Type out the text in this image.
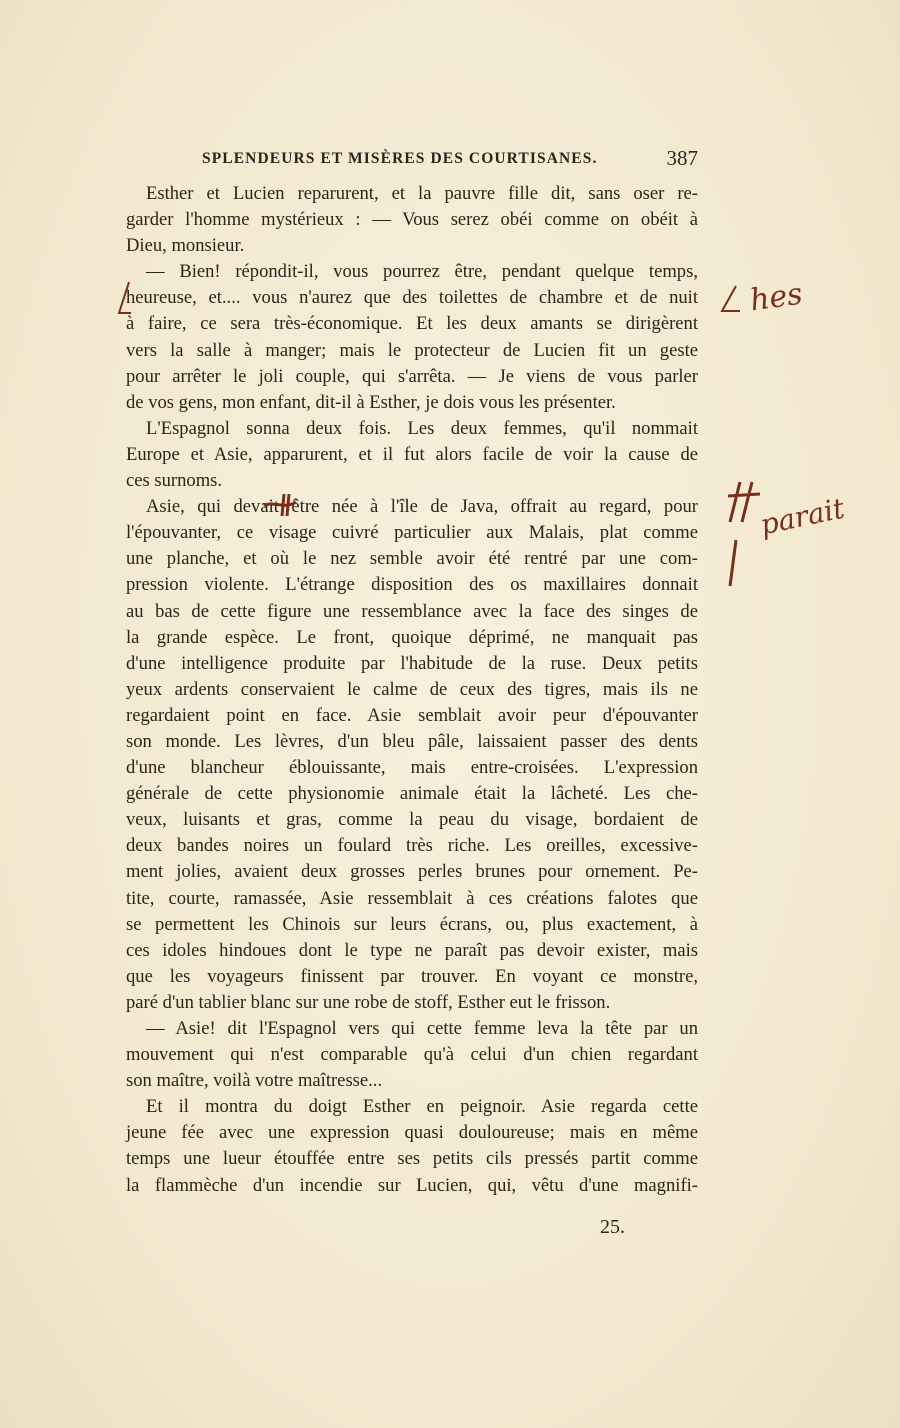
SPLENDEURS ET MISÈRES DES COURTISANES.	387
Esther et Lucien reparurent, et la pauvre fille dit, sans oser re-
garder l'homme mystérieux : — Vous serez obéi comme on obéit à
Dieu, monsieur.
— Bien! répondit-il, vous pourrez être, pendant quelque temps,
heureuse, et.... vous n'aurez que des toilettes de chambre et de nuit
à faire, ce sera très-économique. Et les deux amants se dirigèrent
vers la salle à manger; mais le protecteur de Lucien fit un geste
pour arrêter le joli couple, qui s'arrêta. — Je viens de vous parler
de vos gens, mon enfant, dit-il à Esther, je dois vous les présenter.
L'Espagnol sonna deux fois. Les deux femmes, qu'il nommait
Europe et Asie, apparurent, et il fut alors facile de voir la cause de
ces surnoms.
Asie, qui devait être née à l'île de Java, offrait au regard, pour
l'épouvanter, ce visage cuivré particulier aux Malais, plat comme
une planche, et où le nez semble avoir été rentré par une com-
pression violente. L'étrange disposition des os maxillaires donnait
au bas de cette figure une ressemblance avec la face des singes de
la grande espèce. Le front, quoique déprimé, ne manquait pas
d'une intelligence produite par l'habitude de la ruse. Deux petits
yeux ardents conservaient le calme de ceux des tigres, mais ils ne
regardaient point en face. Asie semblait avoir peur d'épouvanter
son monde. Les lèvres, d'un bleu pâle, laissaient passer des dents
d'une blancheur éblouissante, mais entre-croisées. L'expression
générale de cette physionomie animale était la lâcheté. Les che-
veux, luisants et gras, comme la peau du visage, bordaient de
deux bandes noires un foulard très riche. Les oreilles, excessive-
ment jolies, avaient deux grosses perles brunes pour ornement. Pe-
tite, courte, ramassée, Asie ressemblait à ces créations falotes que
se permettent les Chinois sur leurs écrans, ou, plus exactement, à
ces idoles hindoues dont le type ne paraît pas devoir exister, mais
que les voyageurs finissent par trouver. En voyant ce monstre,
paré d'un tablier blanc sur une robe de stoff, Esther eut le frisson.
— Asie! dit l'Espagnol vers qui cette femme leva la tête par un
mouvement qui n'est comparable qu'à celui d'un chien regardant
son maître, voilà votre maîtresse...
Et il montra du doigt Esther en peignoir. Asie regarda cette
jeune fée avec une expression quasi douloureuse; mais en même
temps une lueur étouffée entre ses petits cils pressés partit comme
la flammèche d'un incendie sur Lucien, qui, vêtu d'une magnifi-
25.
hes
parait
